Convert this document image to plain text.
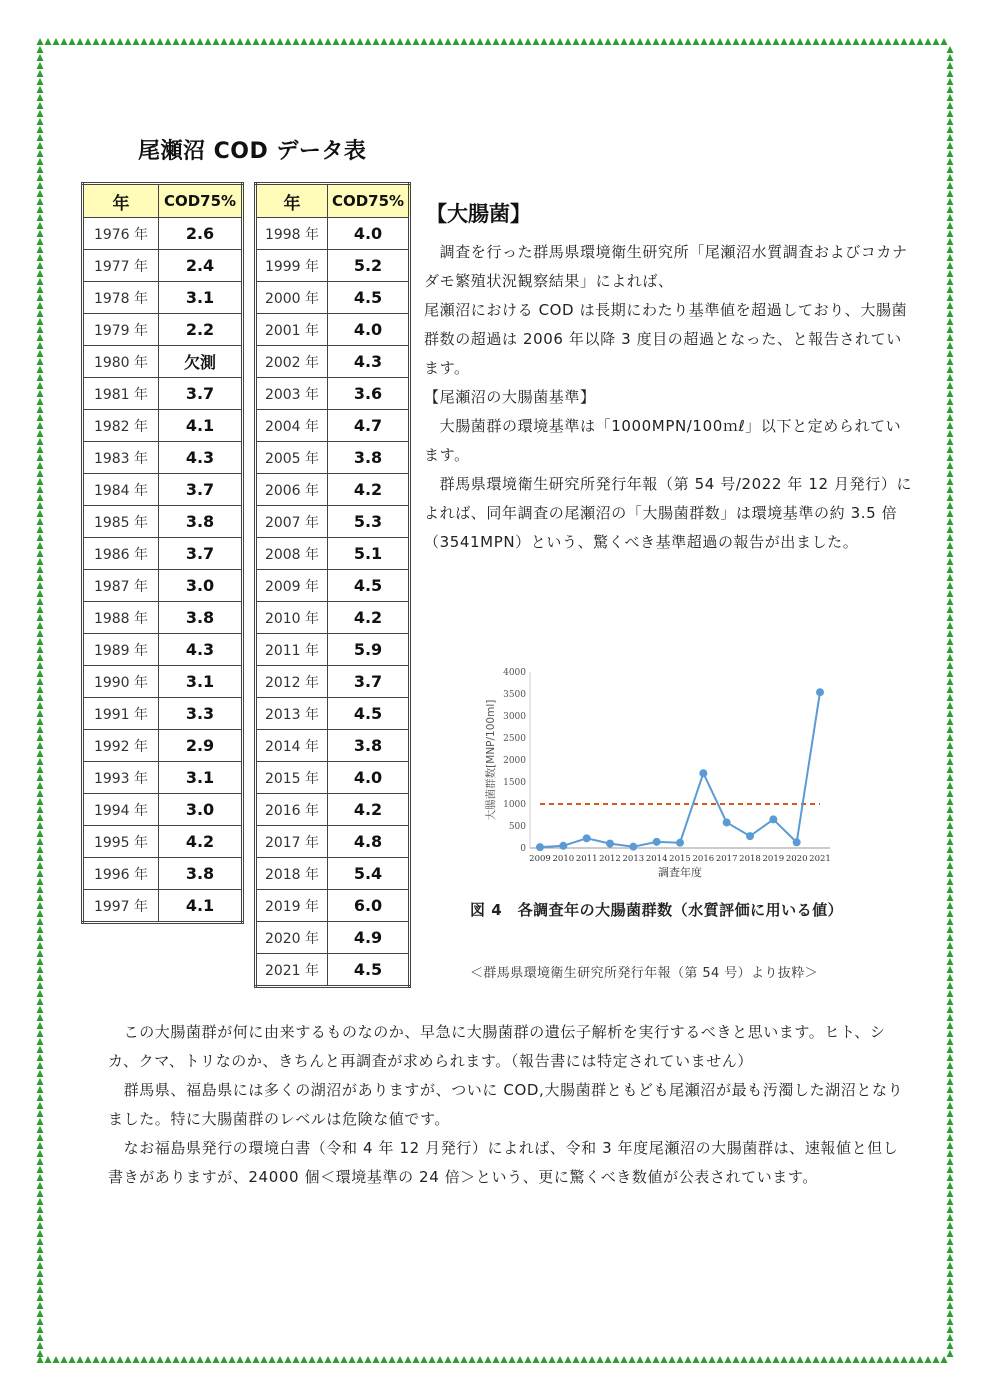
尾瀬沼 COD データ表
年	COD75%
1976 年	2.6
1977 年	2.4
1978 年	3.1
1979 年	2.2
1980 年	欠測
1981 年	3.7
1982 年	4.1
1983 年	4.3
1984 年	3.7
1985 年	3.8
1986 年	3.7
1987 年	3.0
1988 年	3.8
1989 年	4.3
1990 年	3.1
1991 年	3.3
1992 年	2.9
1993 年	3.1
1994 年	3.0
1995 年	4.2
1996 年	3.8
1997 年	4.1
年	COD75%
1998 年	4.0
1999 年	5.2
2000 年	4.5
2001 年	4.0
2002 年	4.3
2003 年	3.6
2004 年	4.7
2005 年	3.8
2006 年	4.2
2007 年	5.3
2008 年	5.1
2009 年	4.5
2010 年	4.2
2011 年	5.9
2012 年	3.7
2013 年	4.5
2014 年	3.8
2015 年	4.0
2016 年	4.2
2017 年	4.8
2018 年	5.4
2019 年	6.0
2020 年	4.9
2021 年	4.5
【大腸菌】

　調査を行った群馬県環境衛生研究所「尾瀬沼水質調査およびコカナダモ繁殖状況観察結果」によれば、

尾瀬沼における COD は長期にわたり基準値を超過しており、大腸菌群数の超過は 2006 年以降 3 度目の超過となった、と報告されています。

【尾瀬沼の大腸菌基準】

　大腸菌群の環境基準は「1000MPN/100ｍℓ」以下と定められています。

　群馬県環境衛生研究所発行年報（第 54 号/2022 年 12 月発行）によれば、同年調査の尾瀬沼の「大腸菌群数」は環境基準の約 3.5 倍（3541MPN）という、驚くべき基準超過の報告が出ました。

0
500
1000
1500
2000
2500
3000
3500
4000
2009 2010 2011 2012 2013 2014 2015 2016 2017 2018 2019 2020 2021
調査年度
大腸菌群数[MNP/100ml]
図 4　各調査年の大腸菌群数（水質評価に用いる値）
＜群馬県環境衛生研究所発行年報（第 54 号）より抜粋＞

　この大腸菌群が何に由来するものなのか、早急に大腸菌群の遺伝子解析を実行するべきと思います。ヒト、シカ、クマ、トリなのか、きちんと再調査が求められます。（報告書には特定されていません）

　群馬県、福島県には多くの湖沼がありますが、ついに COD,大腸菌群ともども尾瀬沼が最も汚濁した湖沼となりました。特に大腸菌群のレベルは危険な値です。

　なお福島県発行の環境白書（令和 4 年 12 月発行）によれば、令和 3 年度尾瀬沼の大腸菌群は、速報値と但し書きがありますが、24000 個＜環境基準の 24 倍＞という、更に驚くべき数値が公表されています。
